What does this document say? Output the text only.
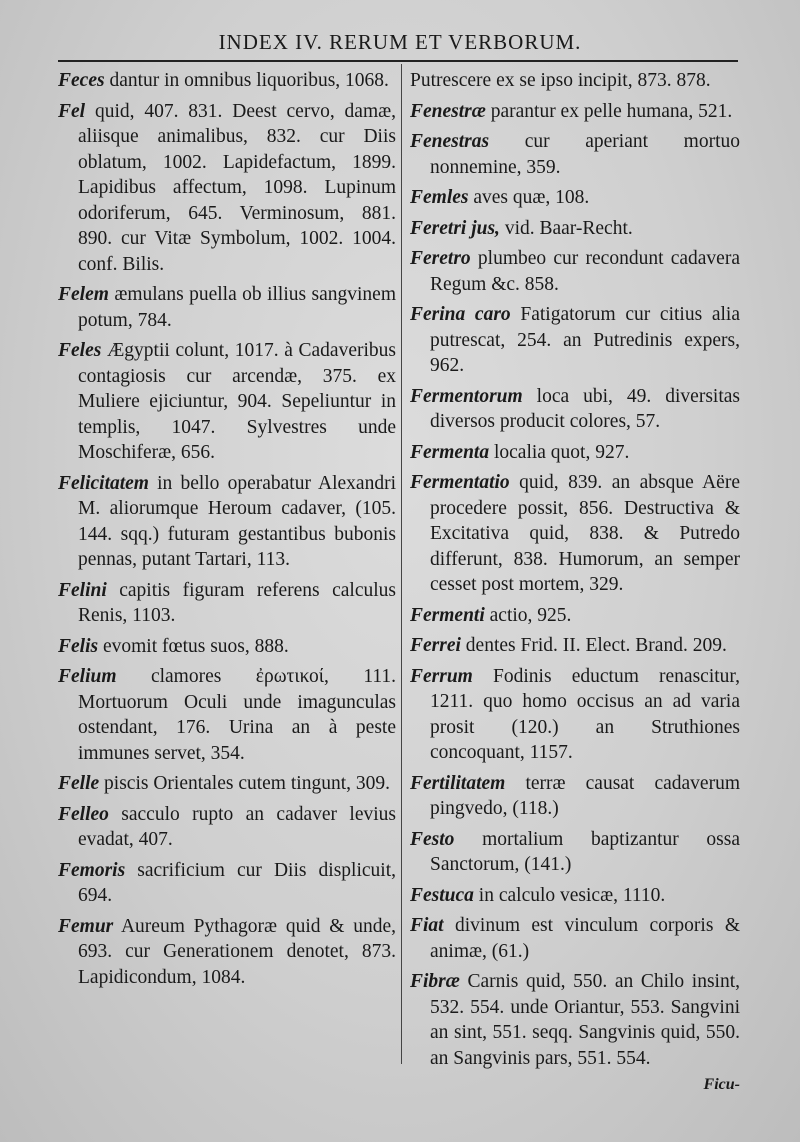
INDEX IV. RERUM ET VERBORUM.
Feces dantur in omnibus liquoribus, 1068.
Fel quid, 407. 831. Deest cervo, damæ, aliisque animalibus, 832. cur Diis oblatum, 1002. Lapidefactum, 1899. Lapidibus affectum, 1098. Lupinum odoriferum, 645. Verminosum, 881. 890. cur Vitæ Symbolum, 1002. 1004. conf. Bilis.
Felem æmulans puella ob illius sangvinem potum, 784.
Feles Ægyptii colunt, 1017. à Cadaveribus contagiosis cur arcendæ, 375. ex Muliere ejiciuntur, 904. Sepeliuntur in templis, 1047. Sylvestres unde Moschiferæ, 656.
Felicitatem in bello operabatur Alexandri M. aliorumque Heroum cadaver, (105. 144. sqq.) futuram gestantibus bubonis pennas, putant Tartari, 113.
Felini capitis figuram referens calculus Renis, 1103.
Felis evomit fœtus suos, 888.
Felium clamores ἐρωτικοί, 111. Mortuorum Oculi unde imagunculas ostendant, 176. Urina an à peste immunes servet, 354.
Felle piscis Orientales cutem tingunt, 309.
Felleo sacculo rupto an cadaver levius evadat, 407.
Femoris sacrificium cur Diis displicuit, 694.
Femur Aureum Pythagoræ quid & unde, 693. cur Generationem denotet, 873. Lapidicondum, 1084.
Putrescere ex se ipso incipit, 873. 878.
Fenestræ parantur ex pelle humana, 521.
Fenestras cur aperiant mortuo nonnemine, 359.
Femles aves quæ, 108.
Feretri jus, vid. Baar-Recht.
Feretro plumbeo cur recondunt cadavera Regum &c. 858.
Ferina caro Fatigatorum cur citius alia putrescat, 254. an Putredinis expers, 962.
Fermentorum loca ubi, 49. diversitas diversos producit colores, 57.
Fermenta localia quot, 927.
Fermentatio quid, 839. an absque Aëre procedere possit, 856. Destructiva & Excitativa quid, 838. & Putredo differunt, 838. Humorum, an semper cesset post mortem, 329.
Fermenti actio, 925.
Ferrei dentes Frid. II. Elect. Brand. 209.
Ferrum Fodinis eductum renascitur, 1211. quo homo occisus an ad varia prosit (120.) an Struthiones concoquant, 1157.
Fertilitatem terræ causat cadaverum pingvedo, (118.)
Festo mortalium baptizantur ossa Sanctorum, (141.)
Festuca in calculo vesicæ, 1110.
Fiat divinum est vinculum corporis & animæ, (61.)
Fibræ Carnis quid, 550. an Chilo insint, 532. 554. unde Oriantur, 553. Sangvini an sint, 551. seqq. Sangvinis quid, 550. an Sangvinis pars, 551. 554.
Ficu-
